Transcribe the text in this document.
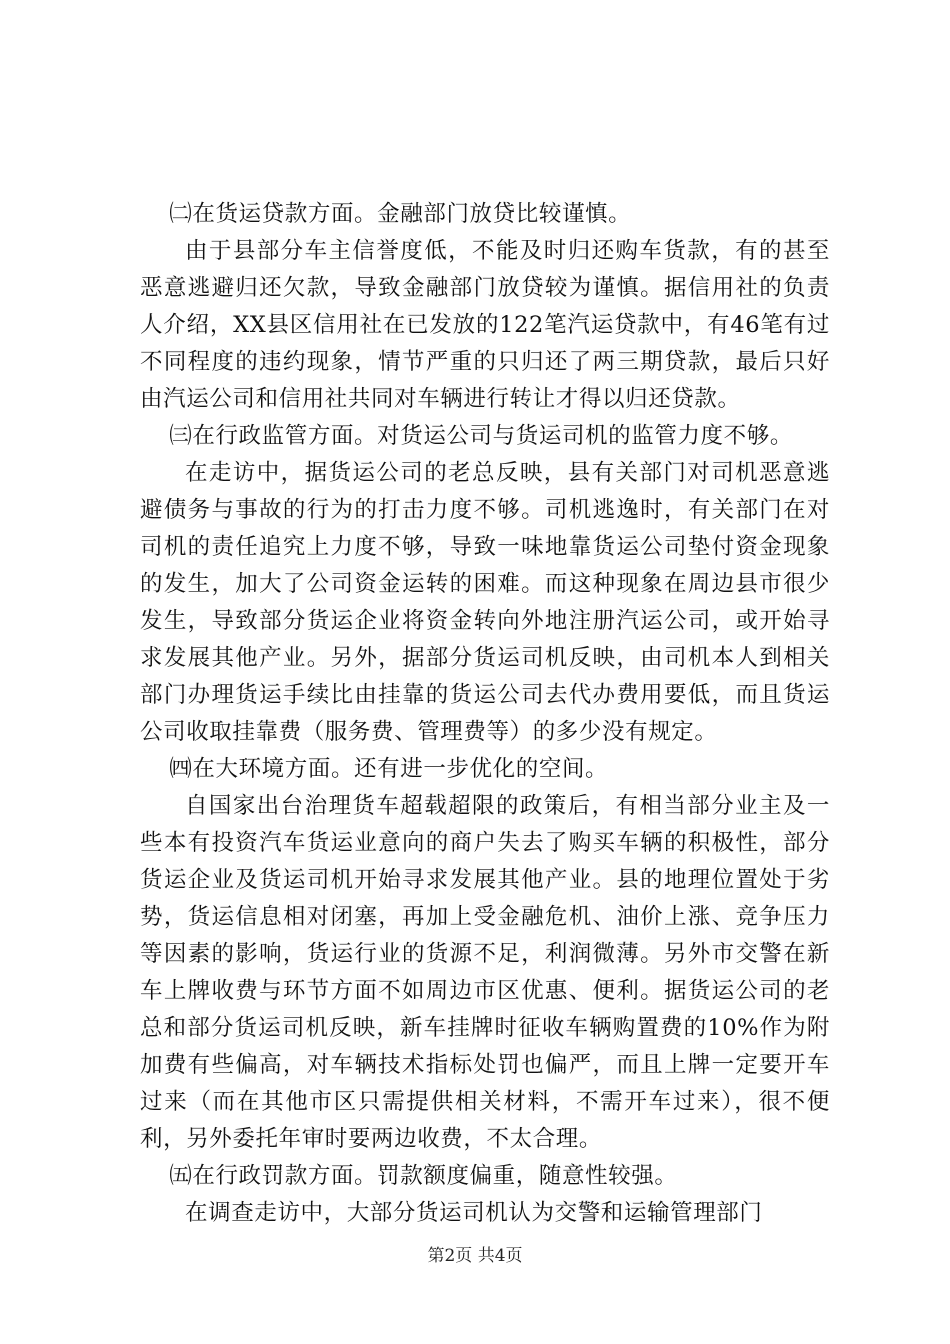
㈡在货运贷款方面。金融部门放贷比较谨慎。

由于县部分车主信誉度低，不能及时归还购车货款，有的甚至恶意逃避归还欠款，导致金融部门放贷较为谨慎。据信用社的负责人介绍，XX县区信用社在已发放的122笔汽运贷款中，有46笔有过不同程度的违约现象，情节严重的只归还了两三期贷款，最后只好由汽运公司和信用社共同对车辆进行转让才得以归还贷款。

㈢在行政监管方面。对货运公司与货运司机的监管力度不够。

在走访中，据货运公司的老总反映，县有关部门对司机恶意逃避债务与事故的行为的打击力度不够。司机逃逸时，有关部门在对司机的责任追究上力度不够，导致一味地靠货运公司垫付资金现象的发生，加大了公司资金运转的困难。而这种现象在周边县市很少发生，导致部分货运企业将资金转向外地注册汽运公司，或开始寻求发展其他产业。另外，据部分货运司机反映，由司机本人到相关部门办理货运手续比由挂靠的货运公司去代办费用要低，而且货运公司收取挂靠费（服务费、管理费等）的多少没有规定。

㈣在大环境方面。还有进一步优化的空间。

自国家出台治理货车超载超限的政策后，有相当部分业主及一些本有投资汽车货运业意向的商户失去了购买车辆的积极性，部分货运企业及货运司机开始寻求发展其他产业。县的地理位置处于劣势，货运信息相对闭塞，再加上受金融危机、油价上涨、竞争压力等因素的影响，货运行业的货源不足，利润微薄。另外市交警在新车上牌收费与环节方面不如周边市区优惠、便利。据货运公司的老总和部分货运司机反映，新车挂牌时征收车辆购置费的10%作为附加费有些偏高，对车辆技术指标处罚也偏严，而且上牌一定要开车过来（而在其他市区只需提供相关材料，不需开车过来），很不便利，另外委托年审时要两边收费，不太合理。

㈤在行政罚款方面。罚款额度偏重，随意性较强。

在调查走访中，大部分货运司机认为交警和运输管理部门

第2页 共4页
